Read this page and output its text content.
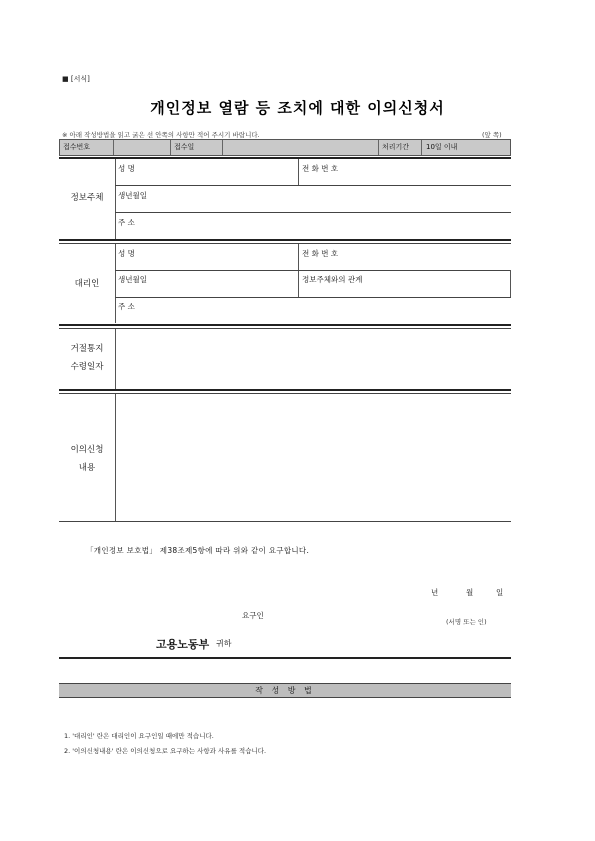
■ [서식]
개인정보 열람 등 조치에 대한 이의신청서
※ 아래 작성방법을 읽고 굵은 선 안쪽의 사항만 적어 주시기 바랍니다.	(앞 쪽)
접수번호	접수일	처리기간 10일 이내
정보주체
성 명	전 화 번 호
생년월일
주 소
대리인
성 명	전 화 번 호
생년월일	정보주체와의 관계
주 소
거절통지
수령일자
이의신청
내용
「개인정보 보호법」 제38조제5항에 따라 위와 같이 요구합니다.
년	월	일
요구인
(서명 또는 인)
고용노동부 귀하
작 성 방 법
1. '대리인' 란은 대리인이 요구인일 때에만 적습니다.
2. '이의신청내용' 란은 이의신청으로 요구하는 사항과 사유를 적습니다.
